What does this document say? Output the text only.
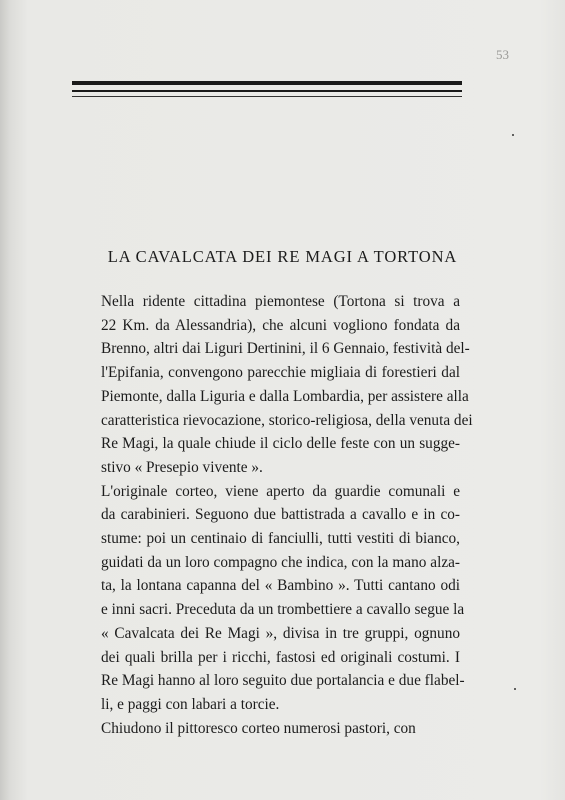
53
LA CAVALCATA DEI RE MAGI A TORTONA

Nella ridente cittadina piemontese (Tortona si trova a
22 Km. da Alessandria), che alcuni vogliono fondata da
Brenno, altri dai Liguri Dertinini, il 6 Gennaio, festività del-
l'Epifania, convengono parecchie migliaia di forestieri dal
Piemonte, dalla Liguria e dalla Lombardia, per assistere alla
caratteristica rievocazione, storico-religiosa, della venuta dei
Re Magi, la quale chiude il ciclo delle feste con un sugge-
stivo « Presepio vivente ».

L'originale corteo, viene aperto da guardie comunali e
da carabinieri. Seguono due battistrada a cavallo e in co-
stume: poi un centinaio di fanciulli, tutti vestiti di bianco,
guidati da un loro compagno che indica, con la mano alza-
ta, la lontana capanna del « Bambino ». Tutti cantano odi
e inni sacri. Preceduta da un trombettiere a cavallo segue la
« Cavalcata dei Re Magi », divisa in tre gruppi, ognuno
dei quali brilla per i ricchi, fastosi ed originali costumi. I
Re Magi hanno al loro seguito due portalancia e due flabel-
li, e paggi con labari a torcie.

Chiudono il pittoresco corteo numerosi pastori, con
